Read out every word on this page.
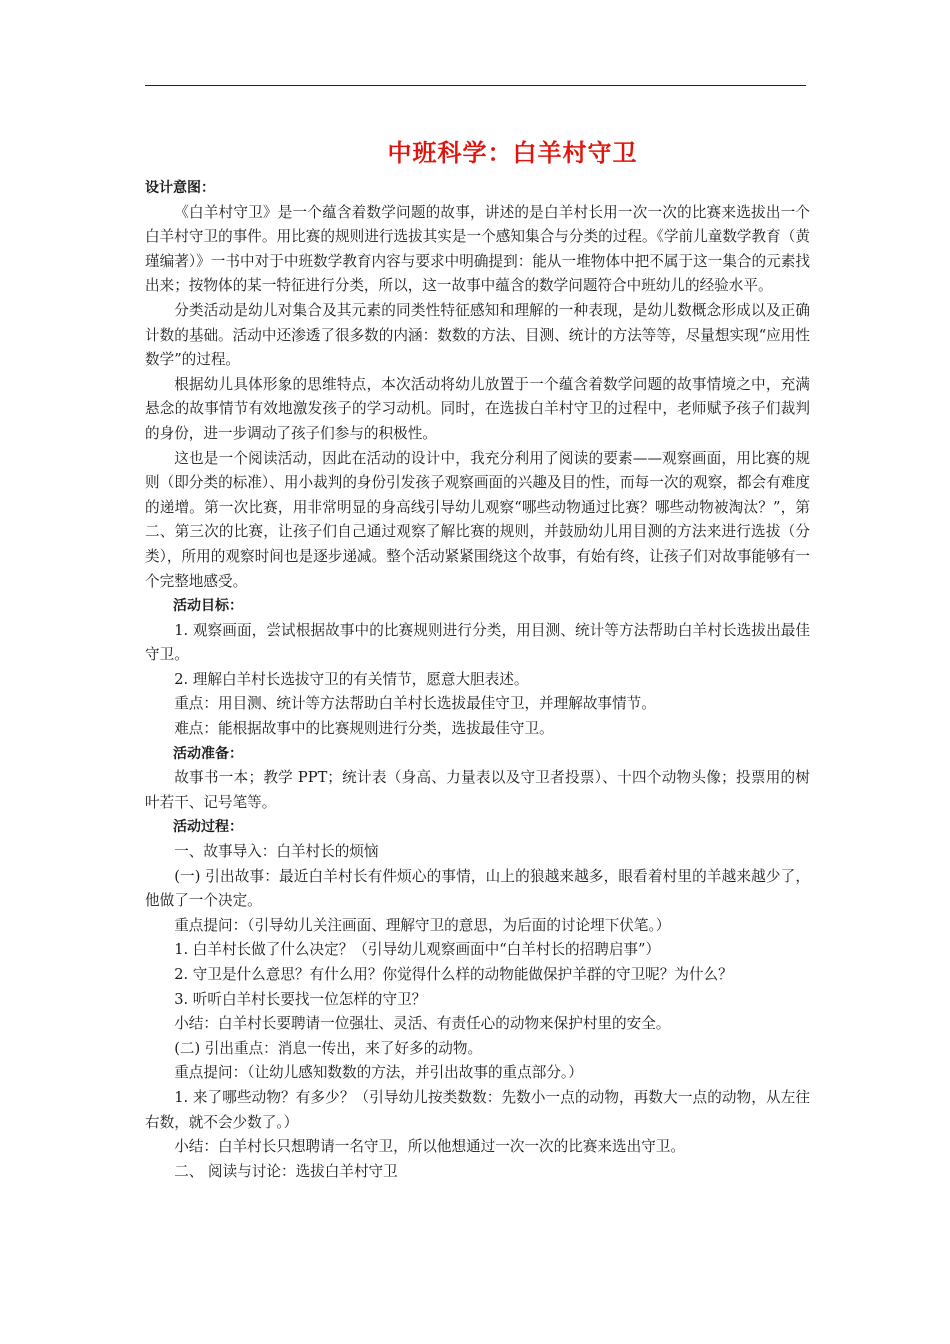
中班科学：白羊村守卫

设计意图：

《白羊村守卫》是一个蕴含着数学问题的故事，讲述的是白羊村长用一次一次的比赛来选拔出一个白羊村守卫的事件。用比赛的规则进行选拔其实是一个感知集合与分类的过程。《学前儿童数学教育（黄瑾编著）》一书中对于中班数学教育内容与要求中明确提到：能从一堆物体中把不属于这一集合的元素找出来；按物体的某一特征进行分类，所以，这一故事中蕴含的数学问题符合中班幼儿的经验水平。

分类活动是幼儿对集合及其元素的同类性特征感知和理解的一种表现，是幼儿数概念形成以及正确计数的基础。活动中还渗透了很多数的内涵：数数的方法、目测、统计的方法等等，尽量想实现“应用性数学”的过程。

根据幼儿具体形象的思维特点，本次活动将幼儿放置于一个蕴含着数学问题的故事情境之中，充满悬念的故事情节有效地激发孩子的学习动机。同时，在选拔白羊村守卫的过程中，老师赋予孩子们裁判的身份，进一步调动了孩子们参与的积极性。

这也是一个阅读活动，因此在活动的设计中，我充分利用了阅读的要素——观察画面，用比赛的规则（即分类的标准）、用小裁判的身份引发孩子观察画面的兴趣及目的性，而每一次的观察，都会有难度的递增。第一次比赛，用非常明显的身高线引导幼儿观察“哪些动物通过比赛？哪些动物被淘汰？”，第二、第三次的比赛，让孩子们自己通过观察了解比赛的规则，并鼓励幼儿用目测的方法来进行选拔（分类），所用的观察时间也是逐步递减。整个活动紧紧围绕这个故事，有始有终，让孩子们对故事能够有一个完整地感受。

活动目标：

1. 观察画面，尝试根据故事中的比赛规则进行分类，用目测、统计等方法帮助白羊村长选拔出最佳守卫。

2. 理解白羊村长选拔守卫的有关情节，愿意大胆表述。

重点：用目测、统计等方法帮助白羊村长选拔最佳守卫，并理解故事情节。

难点：能根据故事中的比赛规则进行分类，选拔最佳守卫。

活动准备：

故事书一本；教学 PPT；统计表（身高、力量表以及守卫者投票）、十四个动物头像；投票用的树叶若干、记号笔等。

活动过程：

一、故事导入：白羊村长的烦恼

(一) 引出故事：最近白羊村长有件烦心的事情，山上的狼越来越多，眼看着村里的羊越来越少了，他做了一个决定。

重点提问：（引导幼儿关注画面、理解守卫的意思，为后面的讨论埋下伏笔。）

1. 白羊村长做了什么决定？（引导幼儿观察画面中“白羊村长的招聘启事”）

2. 守卫是什么意思？有什么用？你觉得什么样的动物能做保护羊群的守卫呢？为什么？

3. 听听白羊村长要找一位怎样的守卫？

小结：白羊村长要聘请一位强壮、灵活、有责任心的动物来保护村里的安全。

(二) 引出重点：消息一传出，来了好多的动物。

重点提问：（让幼儿感知数数的方法，并引出故事的重点部分。）

1. 来了哪些动物？有多少？（引导幼儿按类数数：先数小一点的动物，再数大一点的动物，从左往右数，就不会少数了。）

小结：白羊村长只想聘请一名守卫，所以他想通过一次一次的比赛来选出守卫。

二、 阅读与讨论：选拔白羊村守卫
